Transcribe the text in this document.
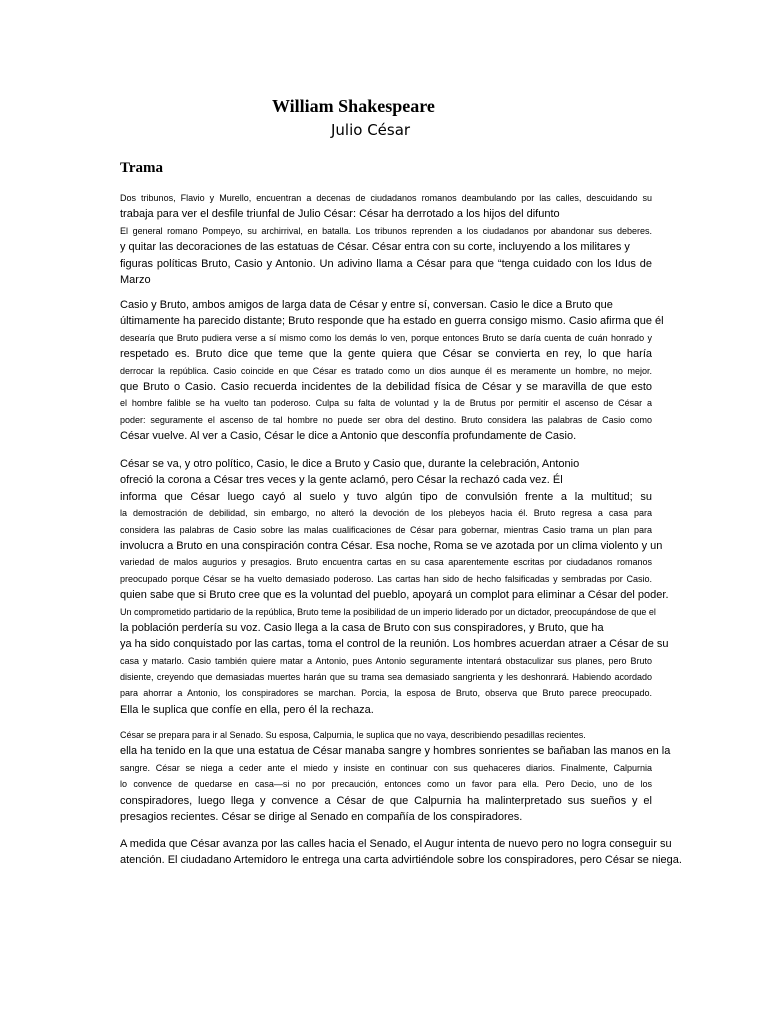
William Shakespeare
Julio César
Trama
Dos tribunos, Flavio y Murello, encuentran a decenas de ciudadanos romanos deambulando por las calles, descuidando su
trabaja para ver el desfile triunfal de Julio César: César ha derrotado a los hijos del difunto
El general romano Pompeyo, su archirrival, en batalla. Los tribunos reprenden a los ciudadanos por abandonar sus deberes.
y quitar las decoraciones de las estatuas de César. César entra con su corte, incluyendo a los militares y
figuras políticas Bruto, Casio y Antonio. Un adivino llama a César para que “tenga cuidado con los Idus de
Marzo
Casio y Bruto, ambos amigos de larga data de César y entre sí, conversan. Casio le dice a Bruto que
últimamente ha parecido distante; Bruto responde que ha estado en guerra consigo mismo. Casio afirma que él
desearía que Bruto pudiera verse a sí mismo como los demás lo ven, porque entonces Bruto se daría cuenta de cuán honrado y
respetado es. Bruto dice que teme que la gente quiera que César se convierta en rey, lo que haría
derrocar la república. Casio coincide en que César es tratado como un dios aunque él es meramente un hombre, no mejor.
que Bruto o Casio. Casio recuerda incidentes de la debilidad física de César y se maravilla de que esto
el hombre falible se ha vuelto tan poderoso. Culpa su falta de voluntad y la de Brutus por permitir el ascenso de César a
poder: seguramente el ascenso de tal hombre no puede ser obra del destino. Bruto considera las palabras de Casio como
César vuelve. Al ver a Casio, César le dice a Antonio que desconfía profundamente de Casio.
César se va, y otro político, Casio, le dice a Bruto y Casio que, durante la celebración, Antonio
ofreció la corona a César tres veces y la gente aclamó, pero César la rechazó cada vez. Él
informa que César luego cayó al suelo y tuvo algún tipo de convulsión frente a la multitud; su
la demostración de debilidad, sin embargo, no alteró la devoción de los plebeyos hacia él. Bruto regresa a casa para
considera las palabras de Casio sobre las malas cualificaciones de César para gobernar, mientras Casio trama un plan para
involucra a Bruto en una conspiración contra César. Esa noche, Roma se ve azotada por un clima violento y un
variedad de malos augurios y presagios. Bruto encuentra cartas en su casa aparentemente escritas por ciudadanos romanos
preocupado porque César se ha vuelto demasiado poderoso. Las cartas han sido de hecho falsificadas y sembradas por Casio.
quien sabe que si Bruto cree que es la voluntad del pueblo, apoyará un complot para eliminar a César del poder.
Un comprometido partidario de la república, Bruto teme la posibilidad de un imperio liderado por un dictador, preocupándose de que el
la población perdería su voz. Casio llega a la casa de Bruto con sus conspiradores, y Bruto, que ha
ya ha sido conquistado por las cartas, toma el control de la reunión. Los hombres acuerdan atraer a César de su
casa y matarlo. Casio también quiere matar a Antonio, pues Antonio seguramente intentará obstaculizar sus planes, pero Bruto
disiente, creyendo que demasiadas muertes harán que su trama sea demasiado sangrienta y les deshonrará. Habiendo acordado
para ahorrar a Antonio, los conspiradores se marchan. Porcia, la esposa de Bruto, observa que Bruto parece preocupado.
Ella le suplica que confíe en ella, pero él la rechaza.
César se prepara para ir al Senado. Su esposa, Calpurnia, le suplica que no vaya, describiendo pesadillas recientes.
ella ha tenido en la que una estatua de César manaba sangre y hombres sonrientes se bañaban las manos en la
sangre. César se niega a ceder ante el miedo y insiste en continuar con sus quehaceres diarios. Finalmente, Calpurnia
lo convence de quedarse en casa—si no por precaución, entonces como un favor para ella. Pero Decio, uno de los
conspiradores, luego llega y convence a César de que Calpurnia ha malinterpretado sus sueños y el
presagios recientes. César se dirige al Senado en compañía de los conspiradores.
A medida que César avanza por las calles hacia el Senado, el Augur intenta de nuevo pero no logra conseguir su
atención. El ciudadano Artemidoro le entrega una carta advirtiéndole sobre los conspiradores, pero César se niega.
